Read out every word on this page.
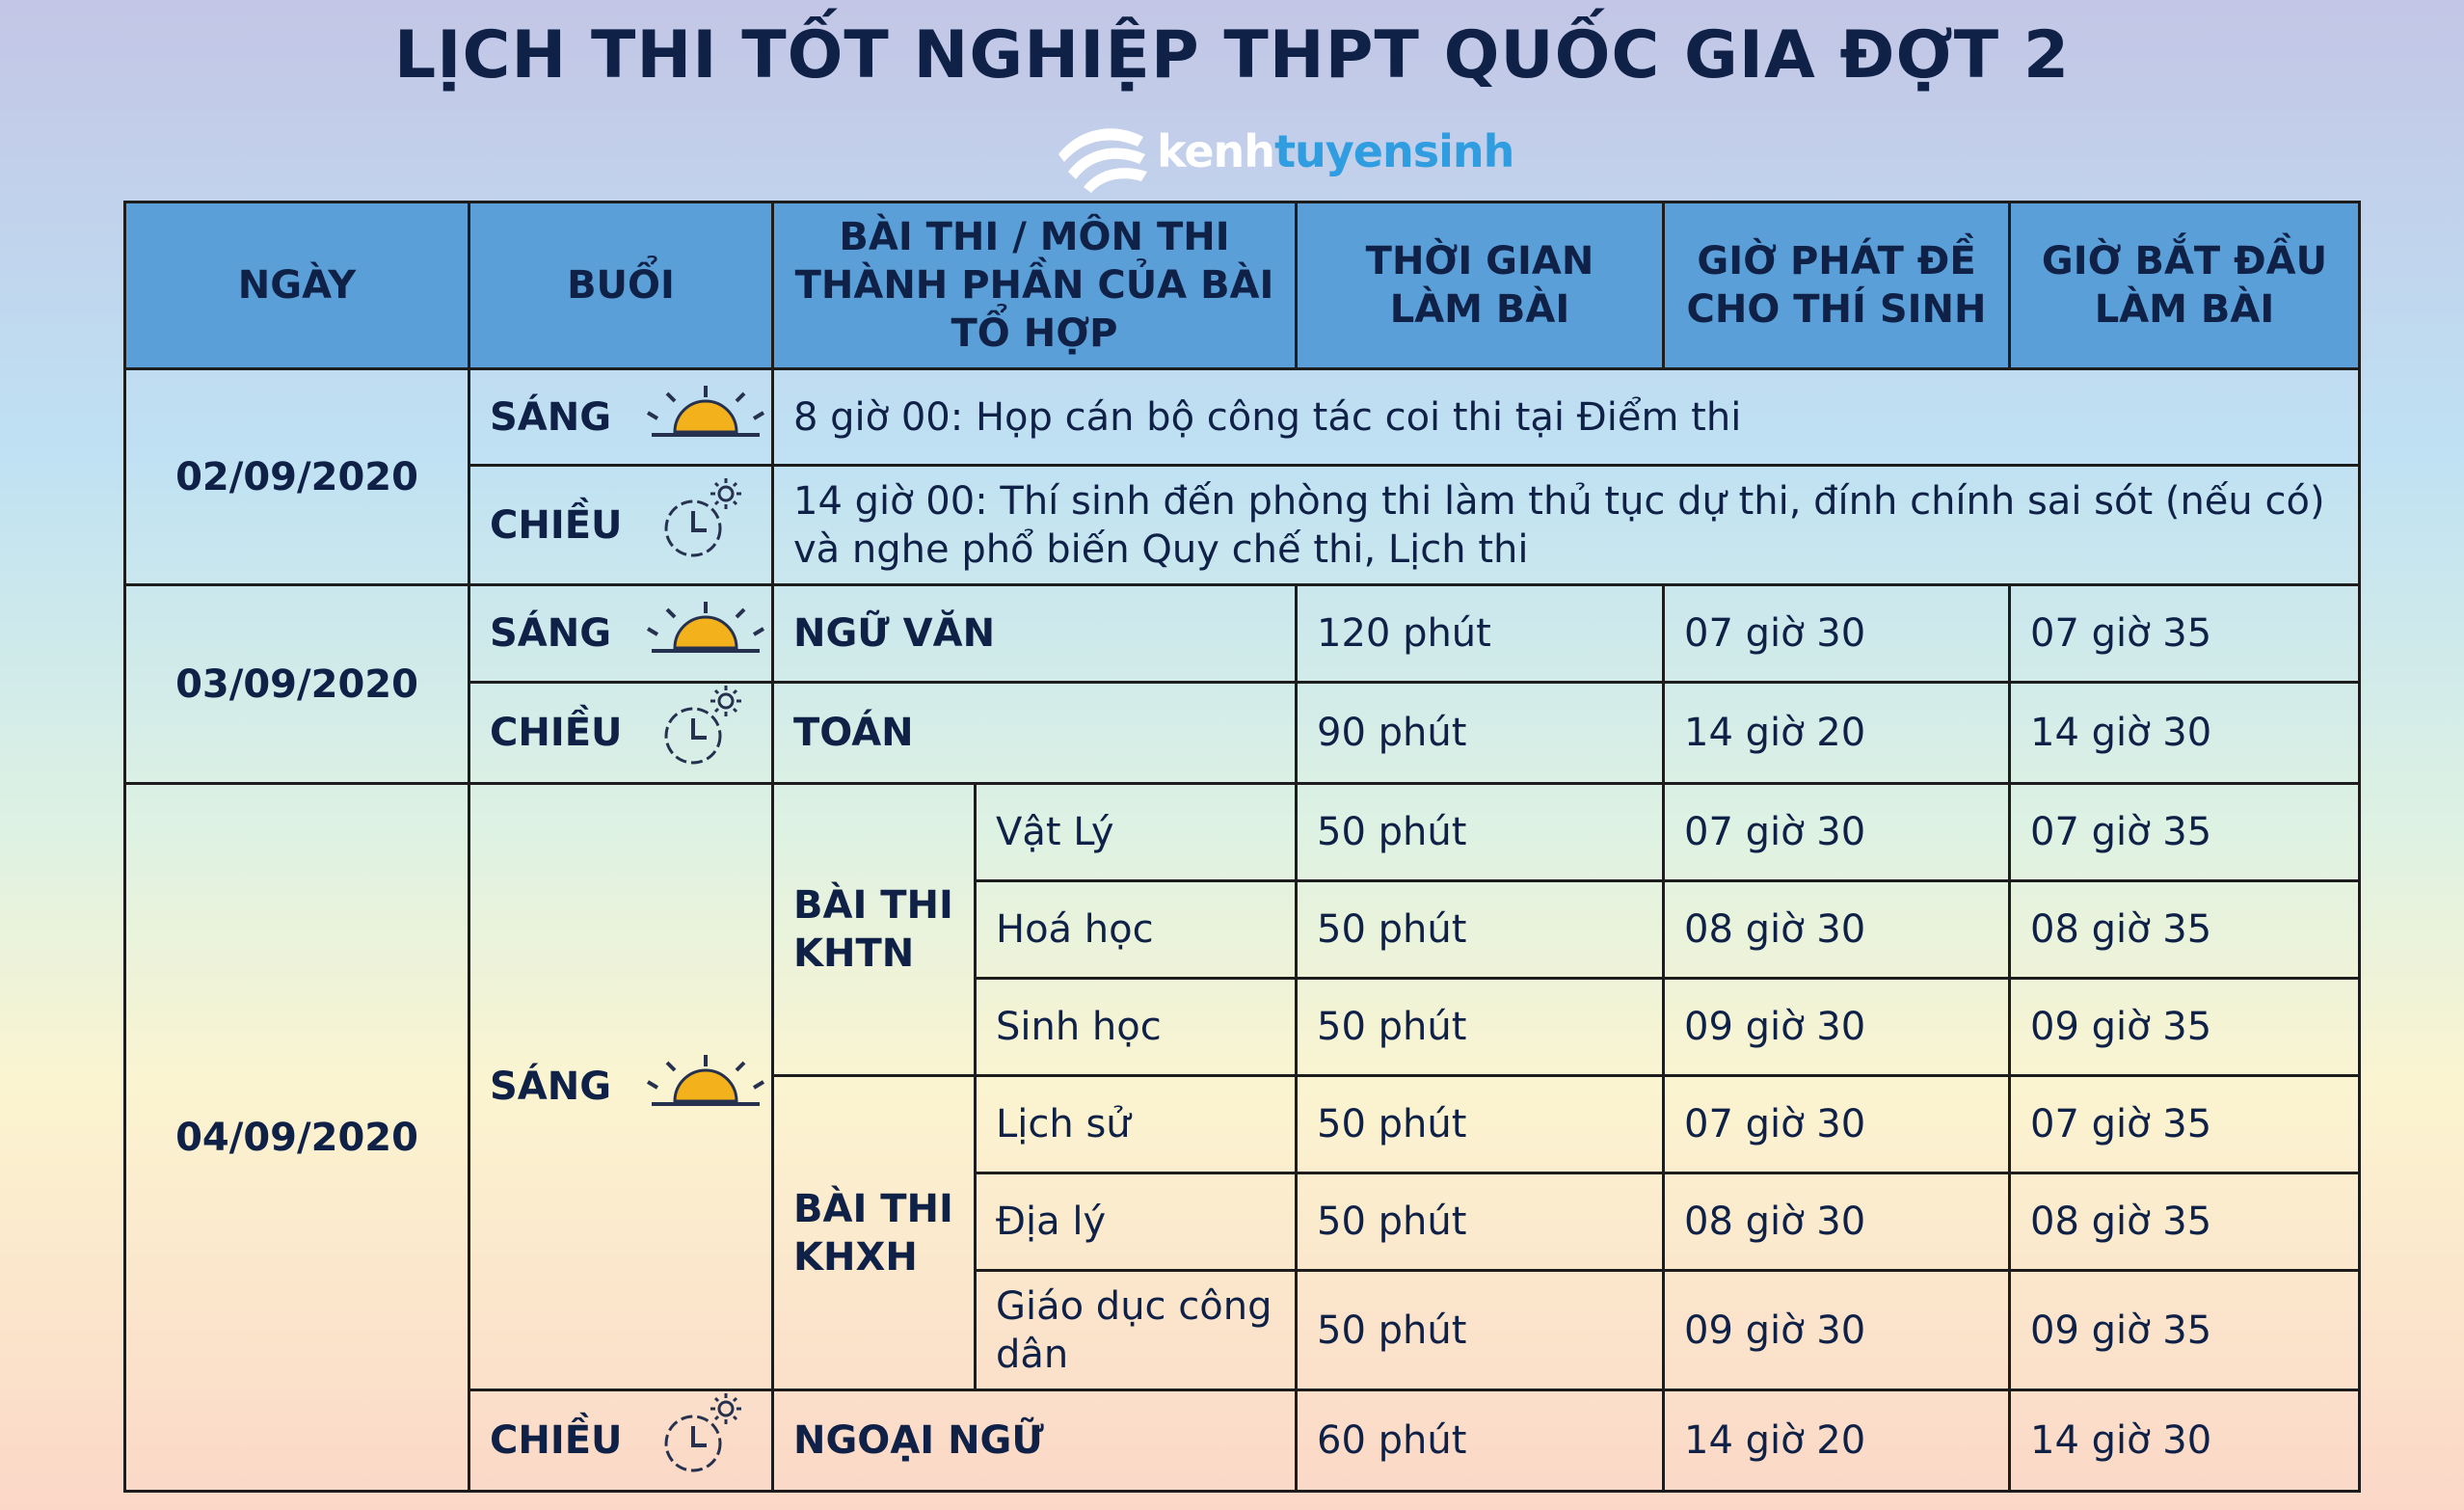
LỊCH THI TỐT NGHIỆP THPT QUỐC GIA ĐỢT 2
kenhtuyensinh
NGÀY	BUỔI	BÀI THI / MÔN THI THÀNH PHẦN CỦA BÀI TỔ HỢP		THỜI GIAN LÀM BÀI	GIỜ PHÁT ĐỀ CHO THÍ SINH	GIỜ BẮT ĐẦU LÀM BÀI
02/09/2020	SÁNG	8 giờ 00: Họp cán bộ công tác coi thi tại Điểm thi				
	CHIỀU	14 giờ 00: Thí sinh đến phòng thi làm thủ tục dự thi, đính chính sai sót (nếu có) và nghe phổ biến Quy chế thi, Lịch thi				
03/09/2020	SÁNG	NGỮ VĂN		120 phút	07 giờ 30	07 giờ 35
	CHIỀU	TOÁN		90 phút	14 giờ 20	14 giờ 30
04/09/2020	SÁNG	BÀI THI KHTN	Vật Lý	50 phút	07 giờ 30	07 giờ 35
			Hoá học	50 phút	08 giờ 30	08 giờ 35
			Sinh học	50 phút	09 giờ 30	09 giờ 35
		BÀI THI KHXH	Lịch sử	50 phút	07 giờ 30	07 giờ 35
			Địa lý	50 phút	08 giờ 30	08 giờ 35
			Giáo dục công dân	50 phút	09 giờ 30	09 giờ 35
	CHIỀU	NGOẠI NGỮ		60 phút	14 giờ 20	14 giờ 30
